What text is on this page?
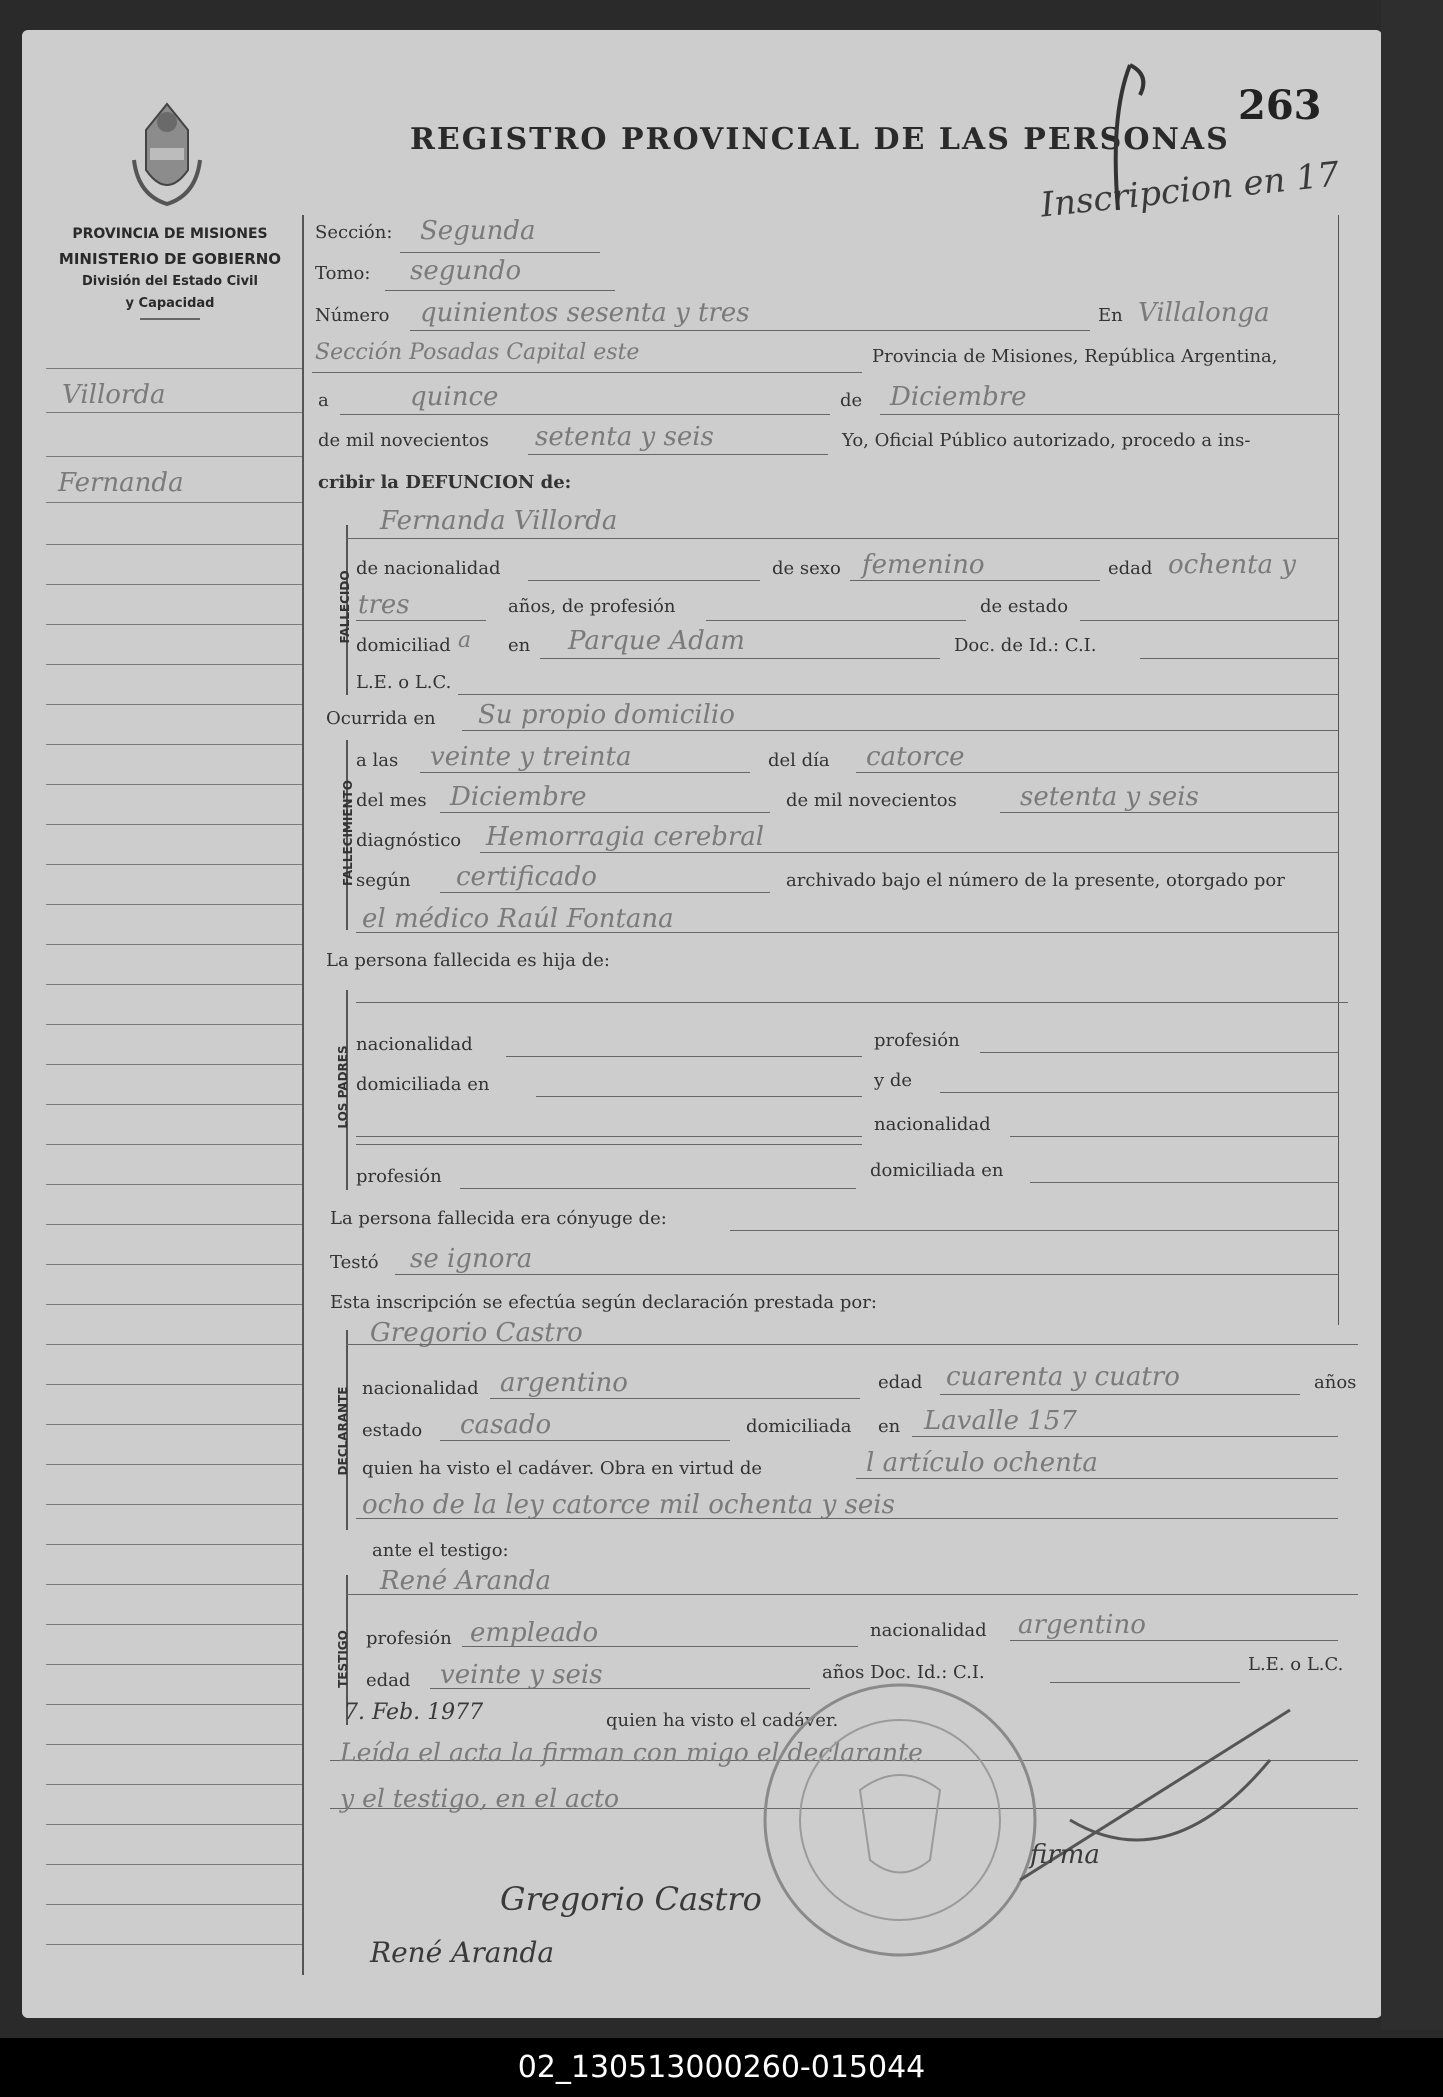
PROVINCIA DE MISIONES
MINISTERIO DE GOBIERNO
División del Estado Civil
y Capacidad
REGISTRO PROVINCIAL DE LAS PERSONAS
263
Inscripcion en 17
Villorda
Fernanda
Sección: Segunda
Tomo: segundo
Número quinientos sesenta y tres	En Villalonga
Sección Posadas Capital este	Provincia de Misiones, República Argentina,
a	quince	de Diciembre
de mil novecientos setenta y seis	Yo, Oficial Público autorizado, procedo a ins-
cribir la DEFUNCION de:
FALLECIDO
Fernanda Villorda
de nacionalidad	de sexo femenino	edad ochenta y
tres	años, de profesión	de estado
domiciliad a en Parque Adam	Doc. de Id.: C.I.
L.E. o L.C.
Ocurrida en Su propio domicilio
FALLECIMIENTO
a las veinte y treinta	del día catorce
del mes Diciembre	de mil novecientos setenta y seis
diagnóstico Hemorragia cerebral
según certificado	archivado bajo el número de la presente, otorgado por
el médico Raúl Fontana
La persona fallecida es hija de:
LOS PADRES
nacionalidad	profesión
domiciliada en	y de
nacionalidad
profesión	domiciliada en
La persona fallecida era cónyuge de:
Testó se ignora
Esta inscripción se efectúa según declaración prestada por:
DECLARANTE
Gregorio Castro
nacionalidad argentino	edad cuarenta y cuatro	años
estado casado	domiciliada en Lavalle 157
quien ha visto el cadáver. Obra en virtud de	l artículo ochenta
ocho de la ley catorce mil ochenta y seis
ante el testigo:
TESTIGO
René Aranda
profesión empleado	nacionalidad argentino
edad veinte y seis	años Doc. Id.: C.I.	L.E. o L.C.
7. Feb. 1977	quien ha visto el cadáver.
Leída el acta la firman con migo el declarante
y el testigo, en el acto
firma
Gregorio Castro
René Aranda
02_130513000260-015044
